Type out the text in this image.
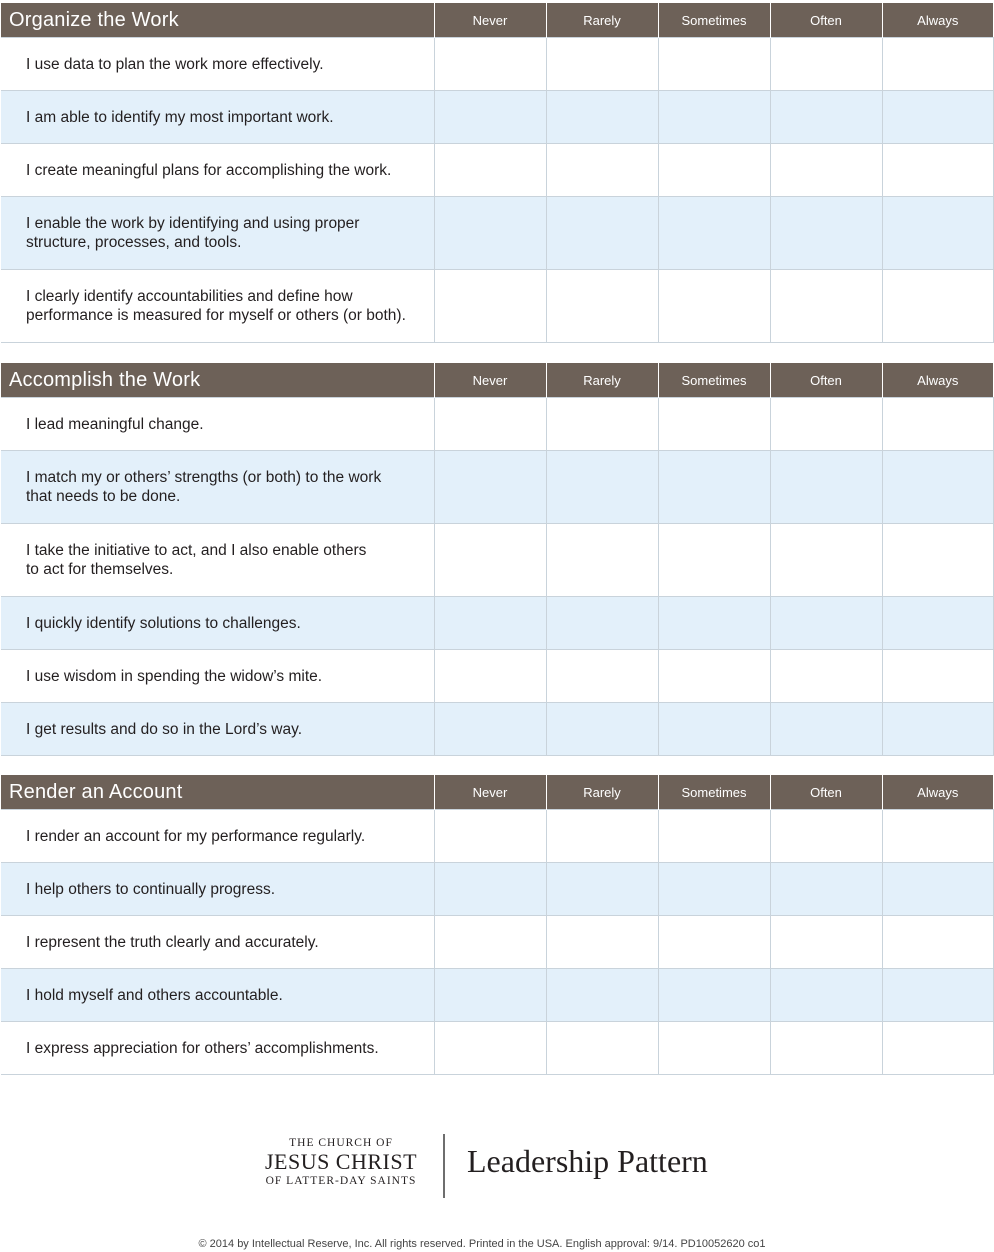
Organize the Work	Never	Rarely	Sometimes	Often	Always

I use data to plan the work more effectively.					

I am able to identify my most important work.					

I create meaningful plans for accomplishing the work.					

I enable the work by identifying and using proper
structure, processes, and tools.					

I clearly identify accountabilities and define how
performance is measured for myself or others (or both).					

Accomplish the Work	Never	Rarely	Sometimes	Often	Always

I lead meaningful change.					

I match my or others’ strengths (or both) to the work
that needs to be done.					

I take the initiative to act, and I also enable others
to act for themselves.					

I quickly identify solutions to challenges.					

I use wisdom in spending the widow’s mite.					

I get results and do so in the Lord’s way.					

Render an Account	Never	Rarely	Sometimes	Often	Always

I render an account for my performance regularly.					

I help others to continually progress.					

I represent the truth clearly and accurately.					

I hold myself and others accountable.					

I express appreciation for others’ accomplishments.					

THE CHURCH OF
JESUS CHRIST
OF LATTER-DAY SAINTS
Leadership Pattern
© 2014 by Intellectual Reserve, Inc. All rights reserved. Printed in the USA. English approval: 9/14. PD10052620 co1
